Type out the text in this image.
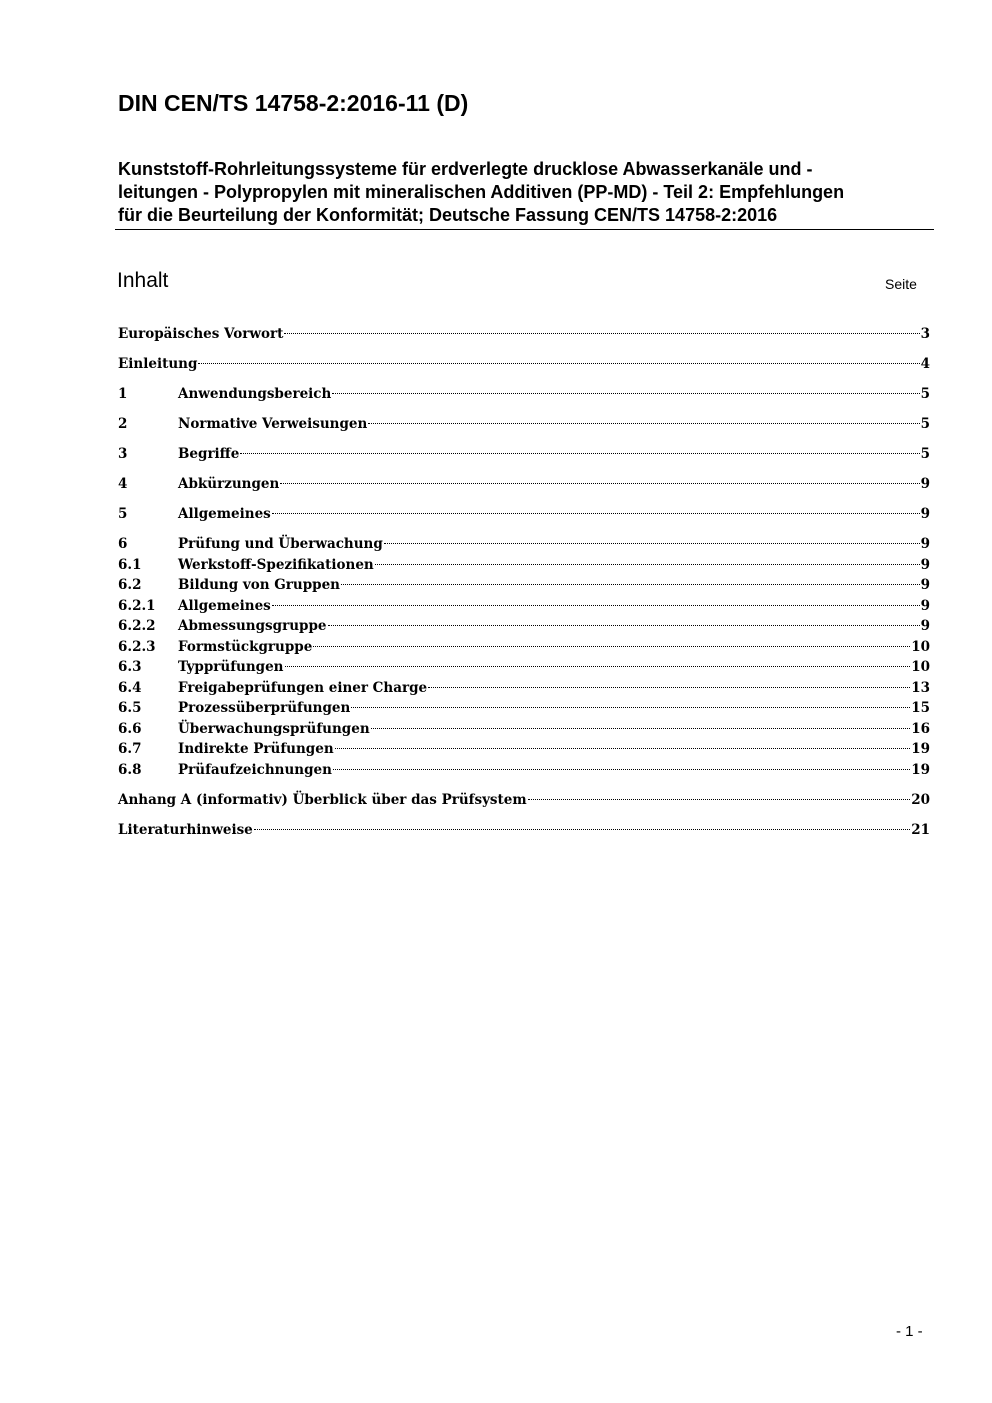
DIN CEN/TS 14758-2:2016-11 (D)
Kunststoff-Rohrleitungssysteme für erdverlegte drucklose Abwasserkanäle und -
leitungen - Polypropylen mit mineralischen Additiven (PP-MD) - Teil 2: Empfehlungen
für die Beurteilung der Konformität; Deutsche Fassung CEN/TS 14758-2:2016
Inhalt	Seite
Europäisches Vorwort	3
Einleitung	4
1	Anwendungsbereich	5
2	Normative Verweisungen	5
3	Begriffe	5
4	Abkürzungen	9
5	Allgemeines	9
6	Prüfung und Überwachung	9
6.1	Werkstoff-Spezifikationen	9
6.2	Bildung von Gruppen	9
6.2.1	Allgemeines	9
6.2.2	Abmessungsgruppe	9
6.2.3	Formstückgruppe	10
6.3	Typprüfungen	10
6.4	Freigabeprüfungen einer Charge	13
6.5	Prozessüberprüfungen	15
6.6	Überwachungsprüfungen	16
6.7	Indirekte Prüfungen	19
6.8	Prüfaufzeichnungen	19
Anhang A (informativ) Überblick über das Prüfsystem	20
Literaturhinweise	21
- 1 -
